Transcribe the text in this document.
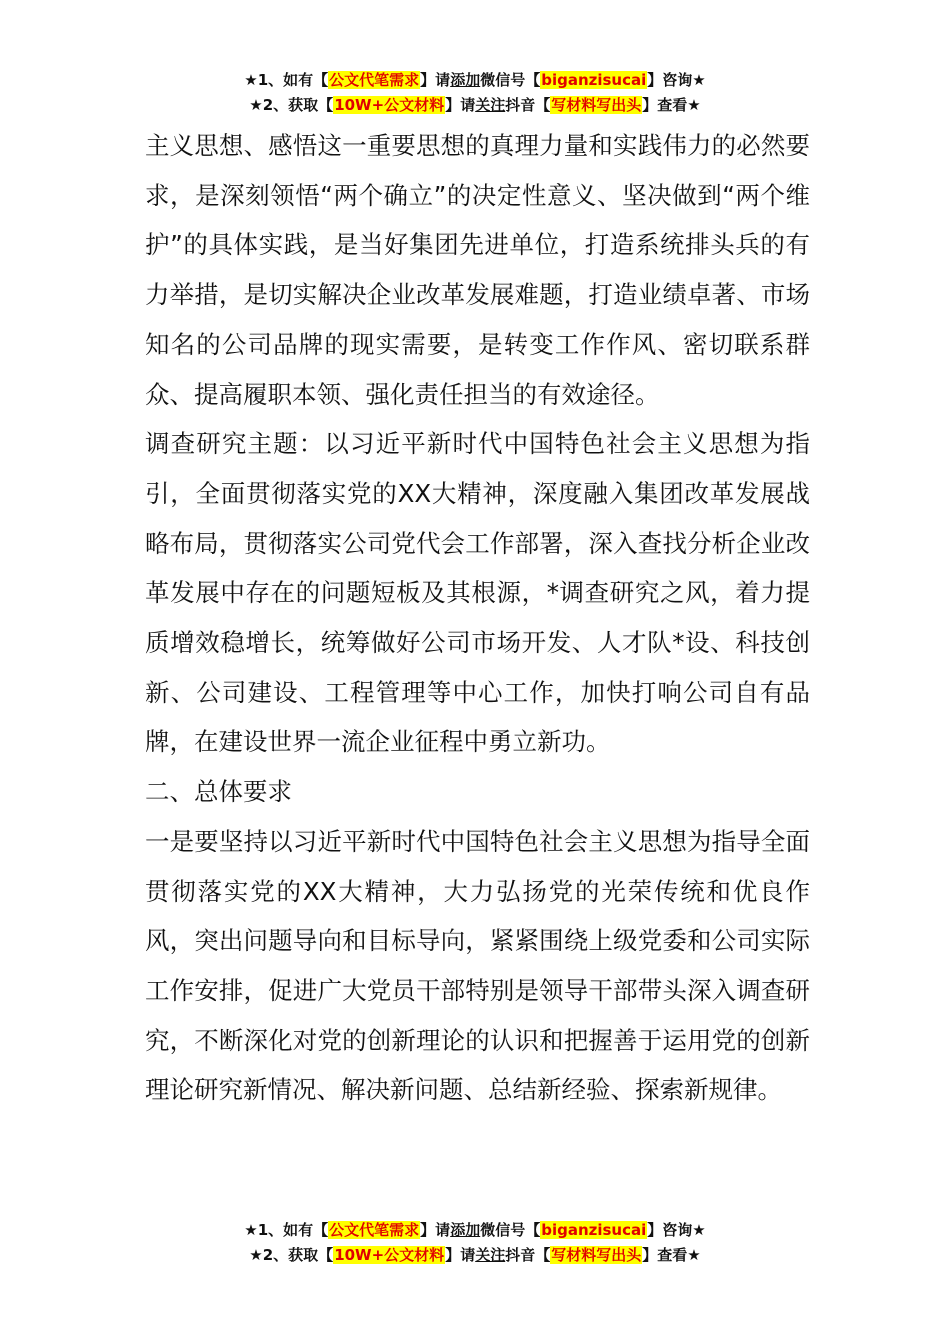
★1、如有【公文代笔需求】请添加微信号【biganzisucai】咨询★
★2、获取【10W+公文材料】请关注抖音【写材料写出头】查看★

主义思想、感悟这一重要思想的真理力量和实践伟力的必然要求，是深刻领悟“两个确立”的决定性意义、坚决做到“两个维护”的具体实践，是当好集团先进单位，打造系统排头兵的有力举措，是切实解决企业改革发展难题，打造业绩卓著、市场知名的公司品牌的现实需要，是转变工作作风、密切联系群众、提高履职本领、强化责任担当的有效途径。

调查研究主题：以习近平新时代中国特色社会主义思想为指引，全面贯彻落实党的XX大精神，深度融入集团改革发展战略布局，贯彻落实公司党代会工作部署，深入查找分析企业改革发展中存在的问题短板及其根源，*调查研究之风，着力提质增效稳增长，统筹做好公司市场开发、人才队*设、科技创新、公司建设、工程管理等中心工作，加快打响公司自有品牌，在建设世界一流企业征程中勇立新功。

二、总体要求

一是要坚持以习近平新时代中国特色社会主义思想为指导全面贯彻落实党的XX大精神，大力弘扬党的光荣传统和优良作风，突出问题导向和目标导向，紧紧围绕上级党委和公司实际工作安排，促进广大党员干部特别是领导干部带头深入调查研究，不断深化对党的创新理论的认识和把握善于运用党的创新理论研究新情况、解决新问题、总结新经验、探索新规律。

★1、如有【公文代笔需求】请添加微信号【biganzisucai】咨询★
★2、获取【10W+公文材料】请关注抖音【写材料写出头】查看★
